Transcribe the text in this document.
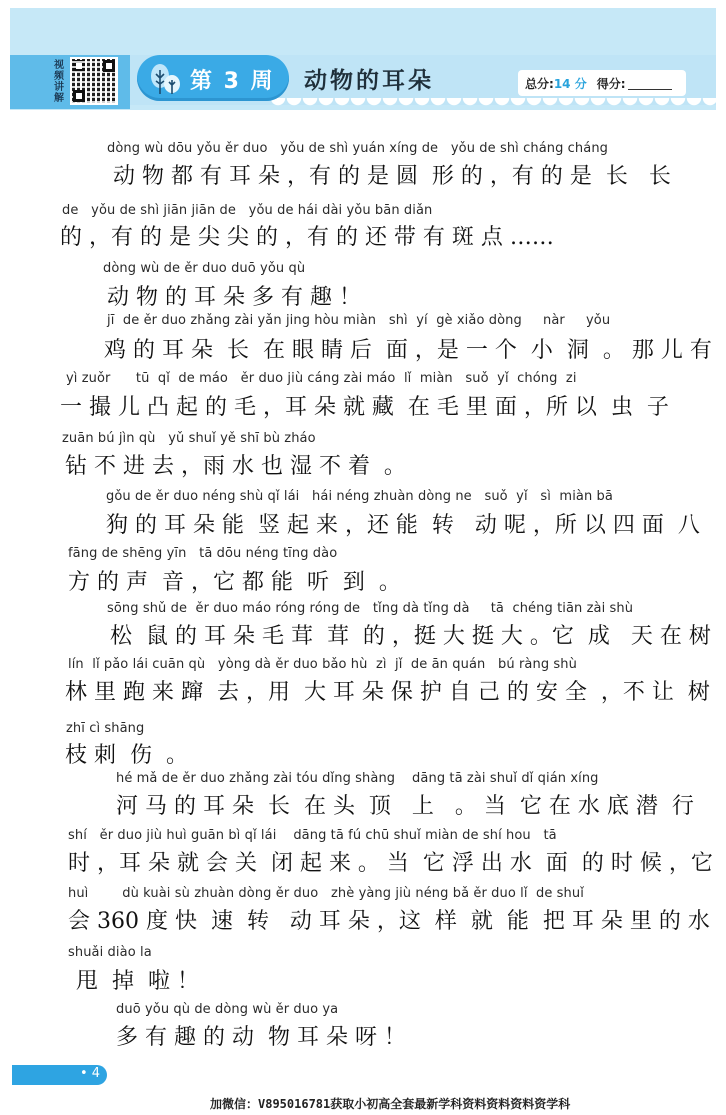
视频讲解
第 3 周 动物的耳朵	总分: 14 分 得分:
dòng wù dōu yǒu ěr duo   yǒu de shì yuán xíng de   yǒu de shì cháng cháng
动 物 都 有 耳 朵 ，有 的 是 圆  形 的 ，有 的 是  长   长
de   yǒu de shì jiān jiān de   yǒu de hái dài yǒu bān diǎn
的 ，有 的 是 尖 尖 的 ，有 的 还 带 有 斑 点 ……
dòng wù de ěr duo duō yǒu qù
动 物 的 耳 朵 多 有 趣 ！
jī  de ěr duo zhǎng zài yǎn jing hòu miàn   shì  yí  gè xiǎo dòng     nàr     yǒu
鸡 的 耳 朵  长  在 眼 睛 后  面 ，是 一 个  小  洞  。 那 儿 有
yì zuǒr      tū  qǐ  de máo   ěr duo jiù cáng zài máo  lǐ  miàn   suǒ  yǐ  chóng  zi
一 撮 儿 凸 起 的 毛 ，耳 朵 就 藏  在 毛 里 面 ，所 以  虫  子
zuān bú jìn qù   yǔ shuǐ yě shī bù zháo
钻 不 进 去 ，雨 水 也 湿 不 着  。
gǒu de ěr duo néng shù qǐ lái   hái néng zhuàn dòng ne   suǒ  yǐ   sì  miàn bā
狗 的 耳 朵 能  竖 起 来 ，还 能  转   动 呢 ，所 以 四 面  八
fāng de shēng yīn   tā dōu néng tīng dào
方 的 声  音 ，它 都 能  听  到  。
sōng shǔ de  ěr duo máo róng róng de   tǐng dà tǐng dà     tā  chéng tiān zài shù
松  鼠 的 耳 朵 毛 茸  茸  的 ，挺 大 挺 大 。它  成   天 在 树
lín  lǐ pǎo lái cuān qù   yòng dà ěr duo bǎo hù  zì  jǐ  de ān quán   bú ràng shù
林 里 跑 来 蹿  去 ，用  大 耳 朵 保 护 自 己 的 安 全  ，不 让  树
zhī cì shāng
枝 刺  伤  。
hé mǎ de ěr duo zhǎng zài tóu dǐng shàng    dāng tā zài shuǐ dǐ qián xíng
河 马 的 耳 朵  长  在 头  顶   上   。 当  它 在 水 底 潜  行
shí   ěr duo jiù huì guān bì qǐ lái    dāng tā fú chū shuǐ miàn de shí hou   tā
时 ，耳 朵 就 会 关  闭 起 来 。 当  它 浮 出 水  面  的 时 候 ，它
huì        dù kuài sù zhuàn dòng ěr duo   zhè yàng jiù néng bǎ ěr duo lǐ  de shuǐ
会 360 度 快  速  转   动 耳 朵 ，这  样  就  能  把 耳 朵 里 的 水
shuǎi diào la
甩  掉  啦 ！
duō yǒu qù de dòng wù ěr duo ya
多 有 趣 的 动  物 耳 朵 呀 ！
• 4
加微信：V895016781获取小初高全套最新学科资料资料资料资学科
